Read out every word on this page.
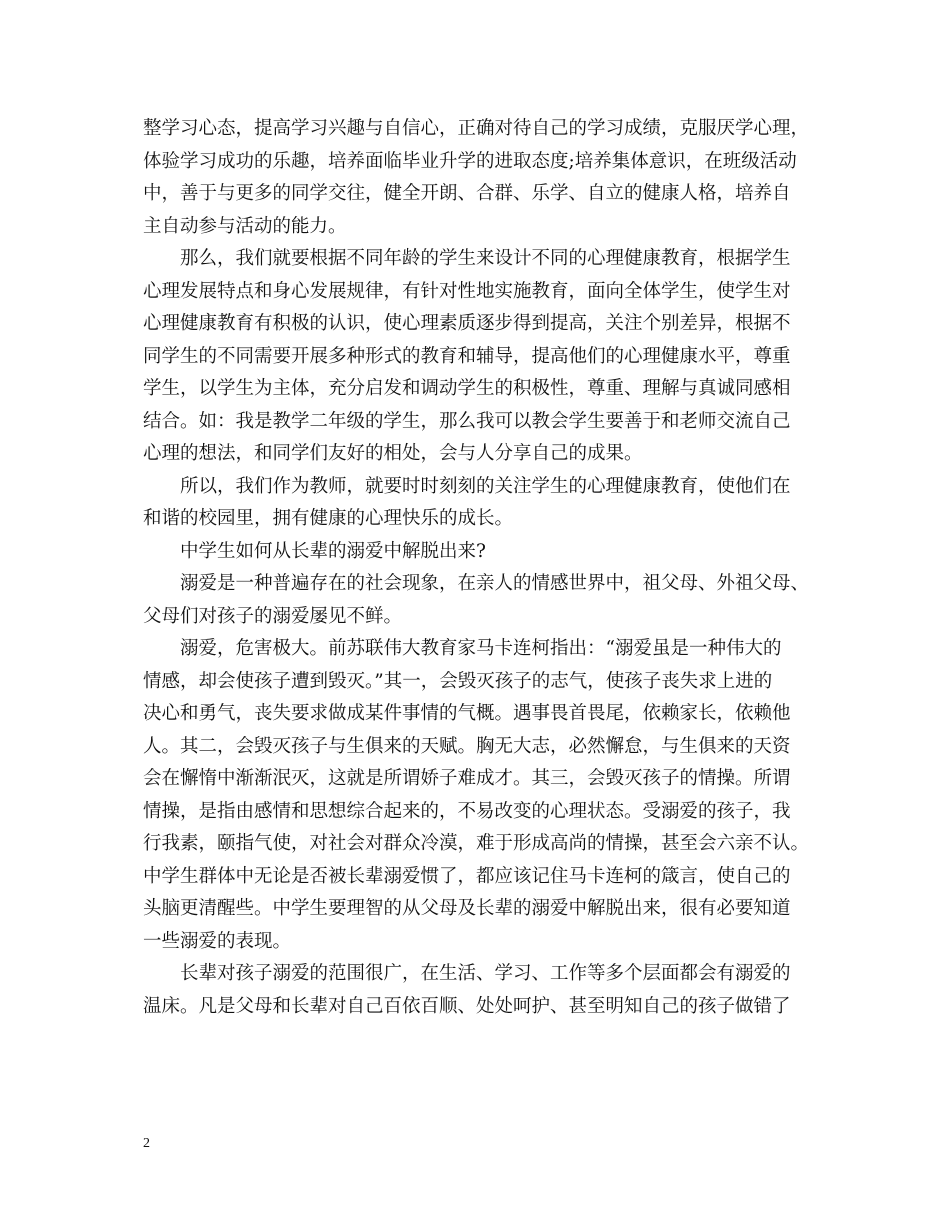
整学习心态，提高学习兴趣与自信心，正确对待自己的学习成绩，克服厌学心理，
体验学习成功的乐趣，培养面临毕业升学的进取态度;培养集体意识，在班级活动
中，善于与更多的同学交往，健全开朗、合群、乐学、自立的健康人格，培养自
主自动参与活动的能力。
那么，我们就要根据不同年龄的学生来设计不同的心理健康教育，根据学生
心理发展特点和身心发展规律，有针对性地实施教育，面向全体学生，使学生对
心理健康教育有积极的认识，使心理素质逐步得到提高，关注个别差异，根据不
同学生的不同需要开展多种形式的教育和辅导，提高他们的心理健康水平，尊重
学生，以学生为主体，充分启发和调动学生的积极性，尊重、理解与真诚同感相
结合。如：我是教学二年级的学生，那么我可以教会学生要善于和老师交流自己
心理的想法，和同学们友好的相处，会与人分享自己的成果。
所以，我们作为教师，就要时时刻刻的关注学生的心理健康教育，使他们在
和谐的校园里，拥有健康的心理快乐的成长。
中学生如何从长辈的溺爱中解脱出来?
溺爱是一种普遍存在的社会现象，在亲人的情感世界中，祖父母、外祖父母、
父母们对孩子的溺爱屡见不鲜。
溺爱，危害极大。前苏联伟大教育家马卡连柯指出：“溺爱虽是一种伟大的
情感，却会使孩子遭到毁灭。”其一，会毁灭孩子的志气，使孩子丧失求上进的
决心和勇气，丧失要求做成某件事情的气概。遇事畏首畏尾，依赖家长，依赖他
人。其二，会毁灭孩子与生俱来的天赋。胸无大志，必然懈怠，与生俱来的天资
会在懈惰中渐渐泯灭，这就是所谓娇子难成才。其三，会毁灭孩子的情操。所谓
情操，是指由感情和思想综合起来的，不易改变的心理状态。受溺爱的孩子，我
行我素，颐指气使，对社会对群众冷漠，难于形成高尚的情操，甚至会六亲不认。
中学生群体中无论是否被长辈溺爱惯了，都应该记住马卡连柯的箴言，使自己的
头脑更清醒些。中学生要理智的从父母及长辈的溺爱中解脱出来，很有必要知道
一些溺爱的表现。
长辈对孩子溺爱的范围很广，在生活、学习、工作等多个层面都会有溺爱的
温床。凡是父母和长辈对自己百依百顺、处处呵护、甚至明知自己的孩子做错了
2
